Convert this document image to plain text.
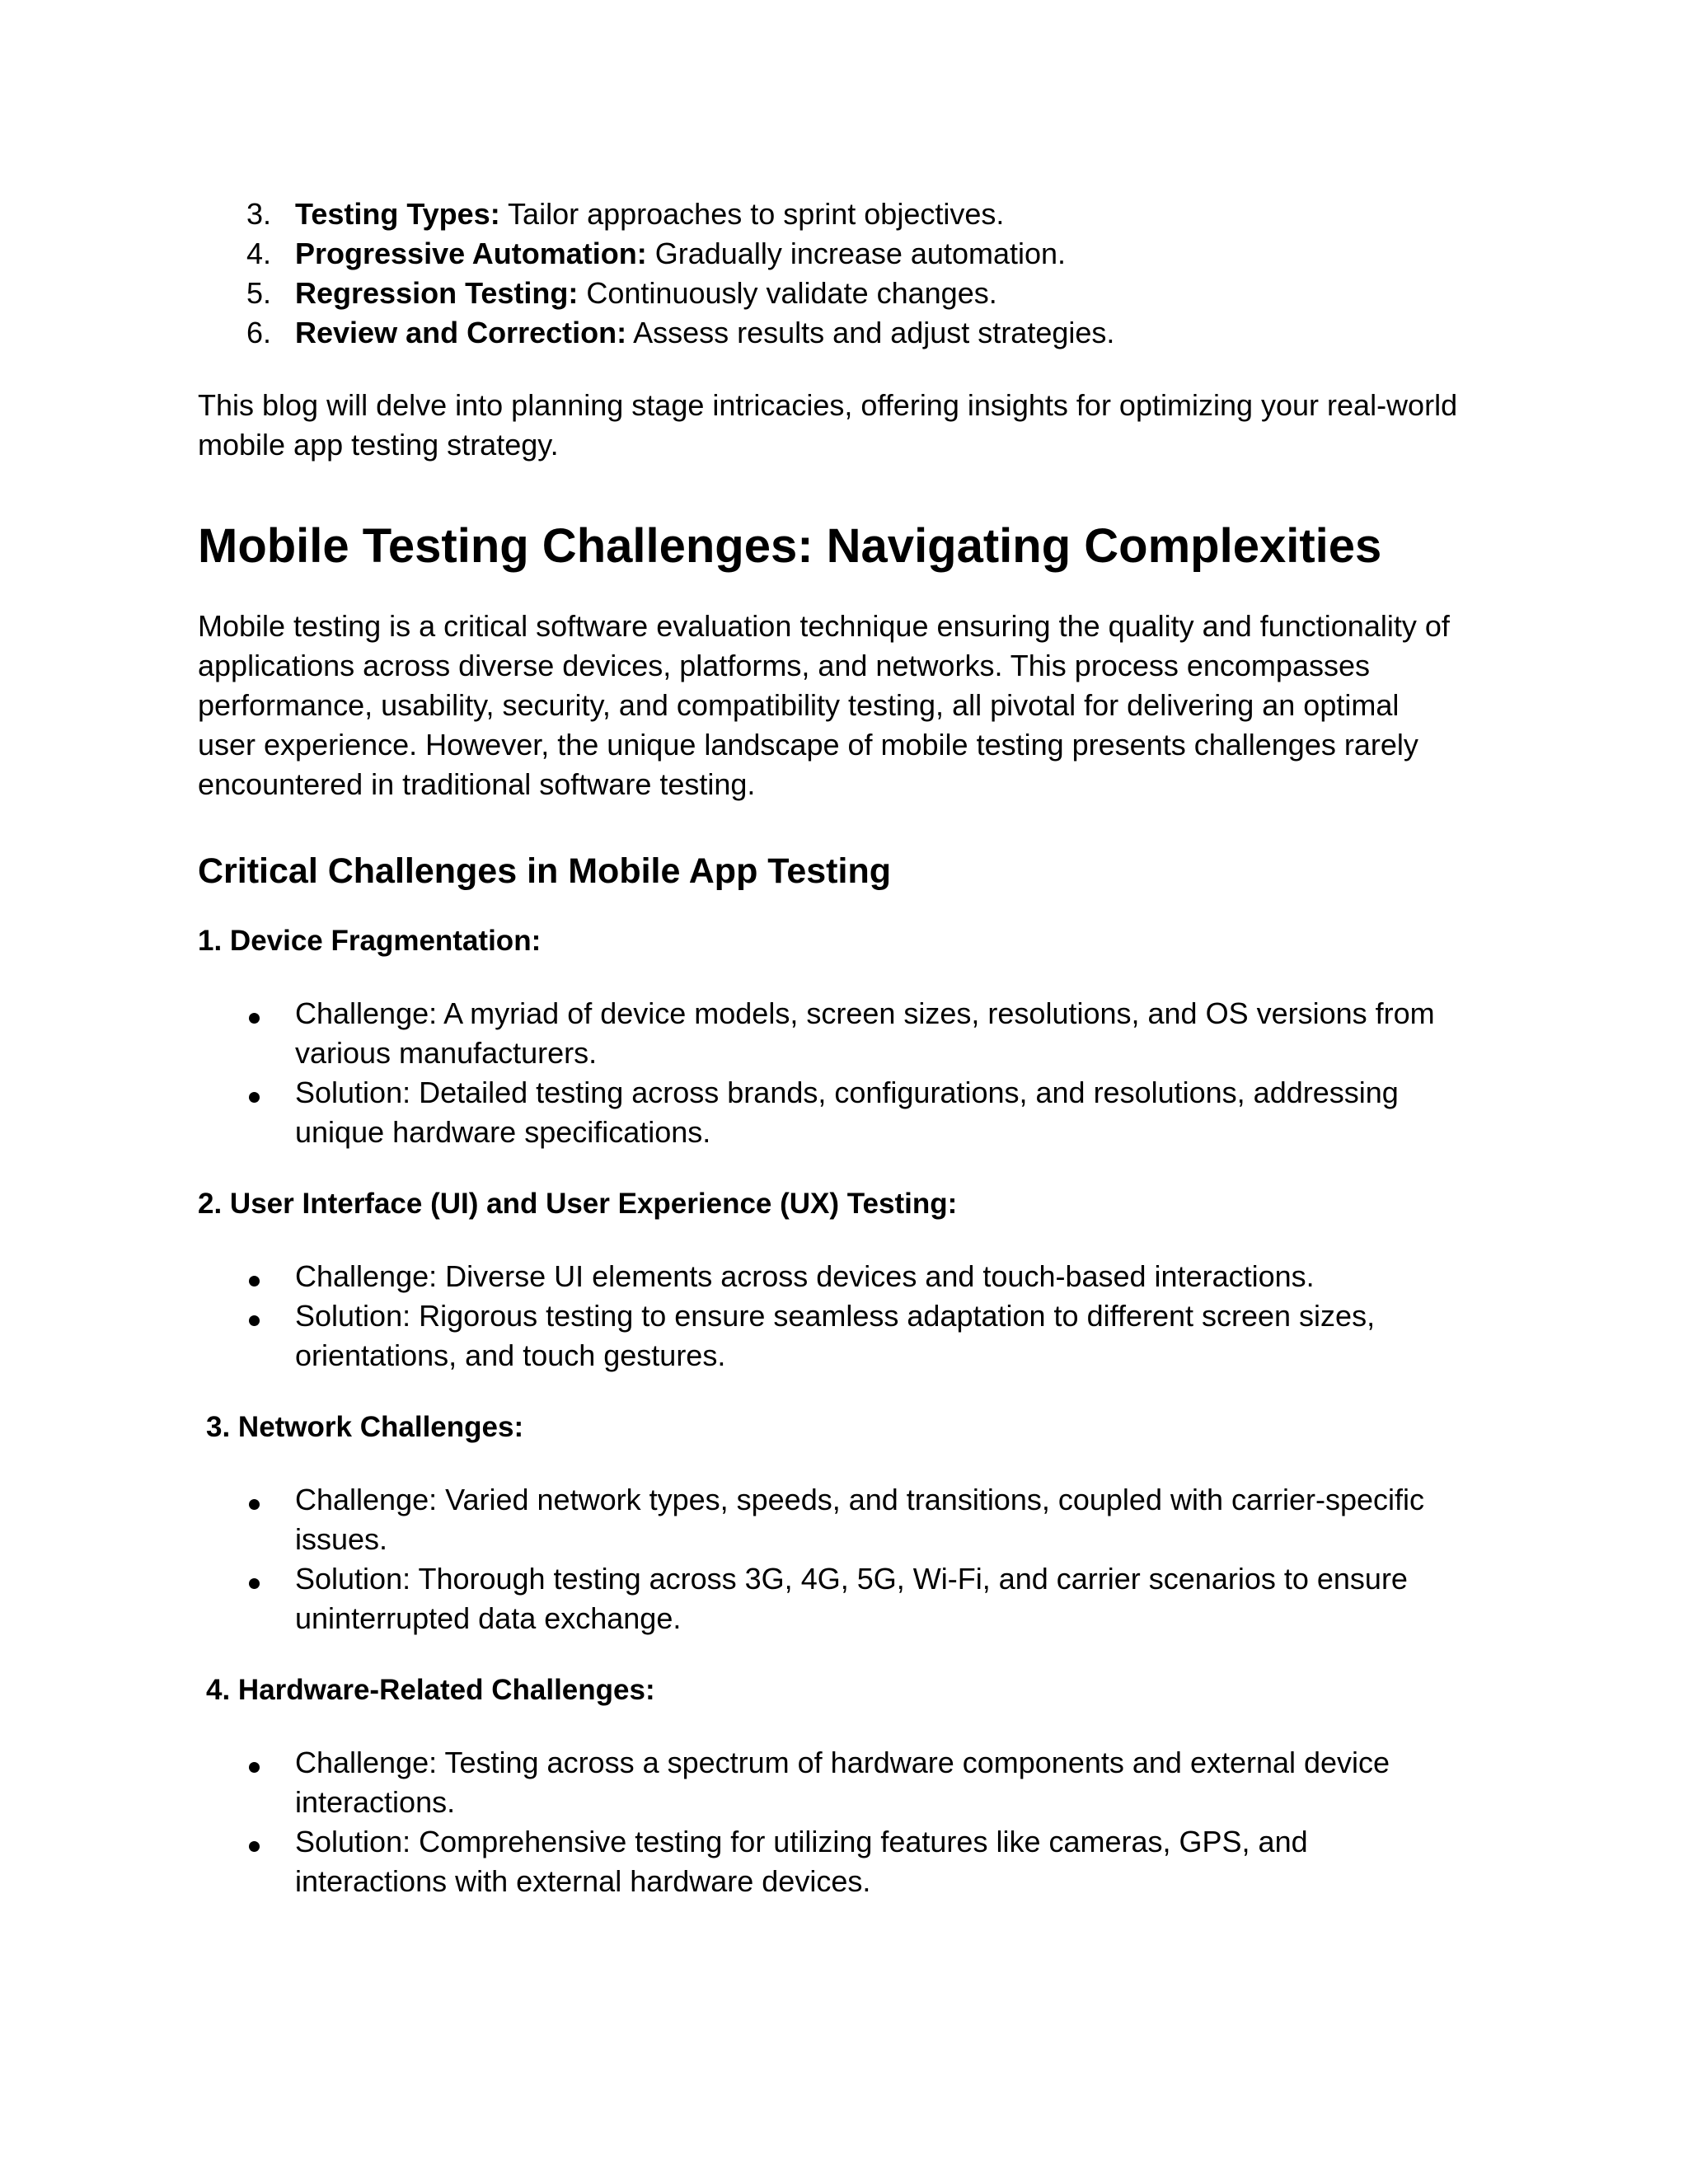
3. Testing Types: Tailor approaches to sprint objectives.
4. Progressive Automation: Gradually increase automation.
5. Regression Testing: Continuously validate changes.
6. Review and Correction: Assess results and adjust strategies.
This blog will delve into planning stage intricacies, offering insights for optimizing your real-world
mobile app testing strategy.
Mobile Testing Challenges: Navigating Complexities
Mobile testing is a critical software evaluation technique ensuring the quality and functionality of
applications across diverse devices, platforms, and networks. This process encompasses
performance, usability, security, and compatibility testing, all pivotal for delivering an optimal
user experience. However, the unique landscape of mobile testing presents challenges rarely
encountered in traditional software testing.
Critical Challenges in Mobile App Testing
1. Device Fragmentation:
Challenge: A myriad of device models, screen sizes, resolutions, and OS versions from
various manufacturers.
Solution: Detailed testing across brands, configurations, and resolutions, addressing
unique hardware specifications.
2. User Interface (UI) and User Experience (UX) Testing:
Challenge: Diverse UI elements across devices and touch-based interactions.
Solution: Rigorous testing to ensure seamless adaptation to different screen sizes,
orientations, and touch gestures.
3. Network Challenges:
Challenge: Varied network types, speeds, and transitions, coupled with carrier-specific
issues.
Solution: Thorough testing across 3G, 4G, 5G, Wi-Fi, and carrier scenarios to ensure
uninterrupted data exchange.
4. Hardware-Related Challenges:
Challenge: Testing across a spectrum of hardware components and external device
interactions.
Solution: Comprehensive testing for utilizing features like cameras, GPS, and
interactions with external hardware devices.
